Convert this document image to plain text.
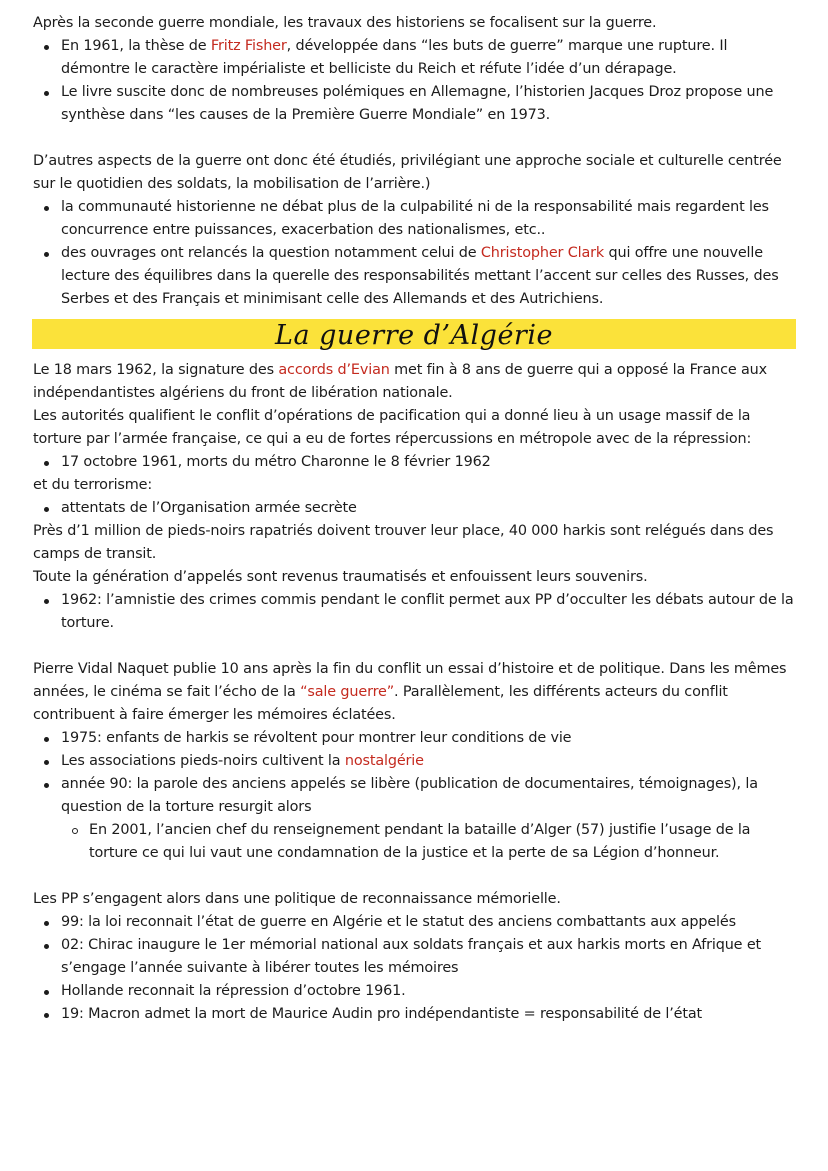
Après la seconde guerre mondiale, les travaux des historiens se focalisent sur la guerre.

En 1961, la thèse de Fritz Fisher, développée dans “les buts de guerre” marque une rupture. Il démontre le caractère impérialiste et belliciste du Reich et réfute l’idée d’un dérapage.
Le livre suscite donc de nombreuses polémiques en Allemagne, l’historien Jacques Droz propose une synthèse dans “les causes de la Première Guerre Mondiale” en 1973.

D’autres aspects de la guerre ont donc été étudiés, privilégiant une approche sociale et culturelle centrée sur le quotidien des soldats, la mobilisation de l’arrière.)

la communauté historienne ne débat plus de la culpabilité ni de la responsabilité mais regardent les concurrence entre puissances, exacerbation des nationalismes, etc..
des ouvrages ont relancés la question notamment celui de Christopher Clark qui offre une nouvelle lecture des équilibres dans la querelle des responsabilités mettant l’accent sur celles des Russes, des Serbes et des Français et minimisant celle des Allemands et des Autrichiens.
La guerre d’Algérie

Le 18 mars 1962, la signature des accords d’Evian met fin à 8 ans de guerre qui a opposé la France aux indépendantistes algériens du front de libération nationale.

Les autorités qualifient le conflit d’opérations de pacification qui a donné lieu à un usage massif de la torture par l’armée française, ce qui a eu de fortes répercussions en métropole avec de la répression:

17 octobre 1961, morts du métro Charonne le 8 février 1962

et du terrorisme:

attentats de l’Organisation armée secrète

Près d’1 million de pieds-noirs rapatriés doivent trouver leur place, 40 000 harkis sont relégués dans des camps de transit.

Toute la génération d’appelés sont revenus traumatisés et enfouissent leurs souvenirs.

1962: l’amnistie des crimes commis pendant le conflit permet aux PP d’occulter les débats autour de la torture.

Pierre Vidal Naquet publie 10 ans après la fin du conflit un essai d’histoire et de politique. Dans les mêmes années, le cinéma se fait l’écho de la “sale guerre”. Parallèlement, les différents acteurs du conflit contribuent à faire émerger les mémoires éclatées.

1975: enfants de harkis se révoltent pour montrer leur conditions de vie
Les associations pieds-noirs cultivent la nostalgérie
année 90: la parole des anciens appelés se libère (publication de documentaires, témoignages), la question de la torture resurgit alors
En 2001, l’ancien chef du renseignement pendant la bataille d’Alger (57) justifie l’usage de la torture ce qui lui vaut une condamnation de la justice et la perte de sa Légion d’honneur.

Les PP s’engagent alors dans une politique de reconnaissance mémorielle.

99: la loi reconnait l’état de guerre en Algérie et le statut des anciens combattants aux appelés
02: Chirac inaugure le 1er mémorial national aux soldats français et aux harkis morts en Afrique et s’engage l’année suivante à libérer toutes les mémoires
Hollande reconnait la répression d’octobre 1961.
19: Macron admet la mort de Maurice Audin pro indépendantiste = responsabilité de l’état
